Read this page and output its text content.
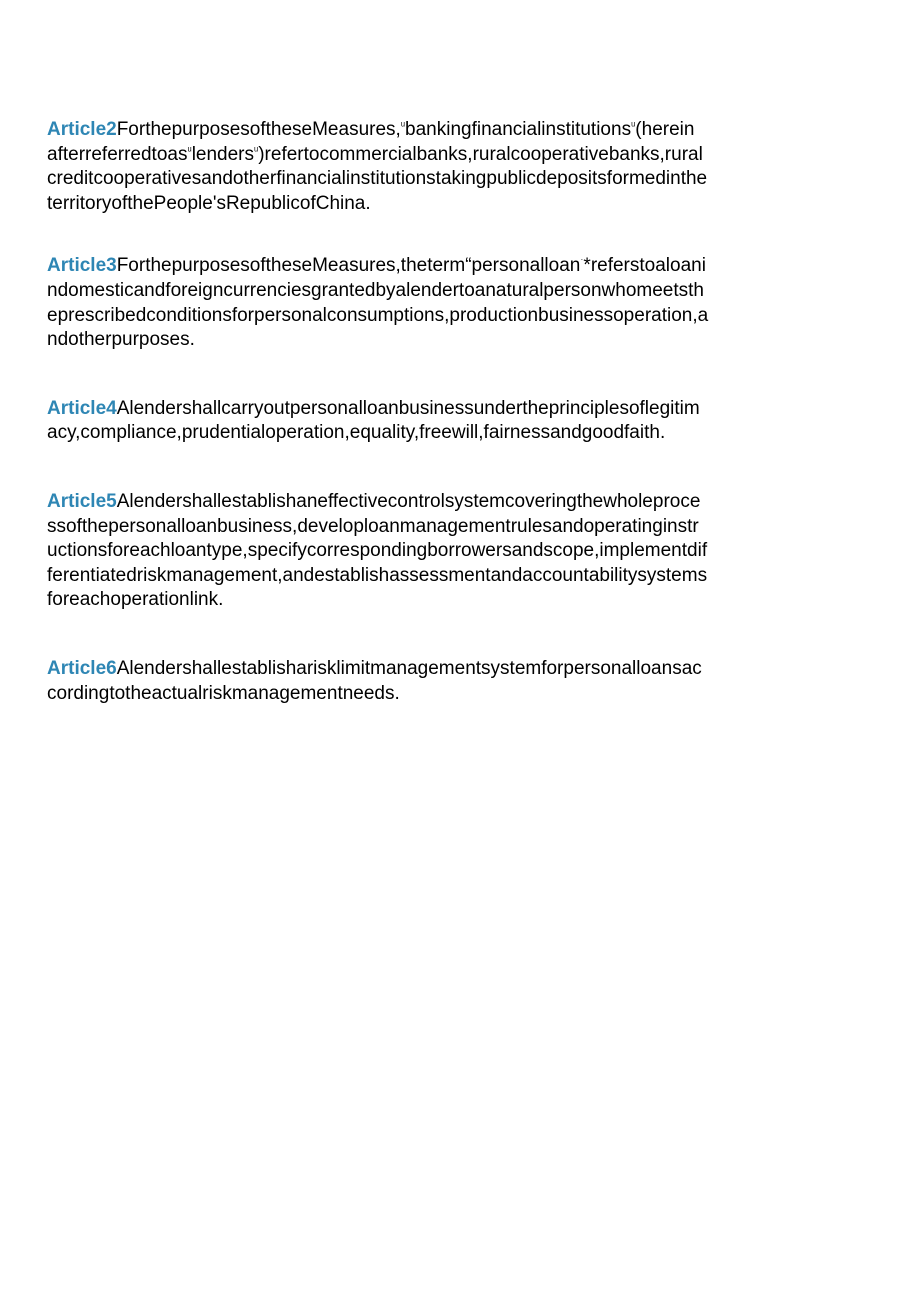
Article2ForthepurposesoftheseMeasures,$^ᵘ$bankingfinancialinstitutions$^ᵘ$(herein
afterreferredtoas$^ᵘ$lenders$^ᵘ$)refertocommercialbanks,ruralcooperativebanks,rural
creditcooperativesandotherfinancialinstitutionstakingpublicdepositsformedinthe
territoryofthePeople'sRepublicofChina.

Article3ForthepurposesoftheseMeasures,theterm“personalloan$^ˑ$*referstoaloani
ndomesticandforeigncurrenciesgrantedbyalendertoanaturalpersonwhomeetsth
eprescribedconditionsforpersonalconsumptions,productionbusinessoperation,a
ndotherpurposes.

Article4Alendershallcarryoutpersonalloanbusinessundertheprinciplesoflegitim
acy,compliance,prudentialoperation,equality,freewill,fairnessandgoodfaith.

Article5Alendershallestablishaneffectivecontrolsystemcoveringthewholeproce
ssofthepersonalloanbusiness,developloanmanagementrulesandoperatinginstr
uctionsforeachloantype,specifycorrespondingborrowersandscope,implementdif
ferentiatedriskmanagement,andestablishassessmentandaccountabilitysystems
foreachoperationlink.

Article6Alendershallestablisharisklimitmanagementsystemforpersonalloansac
cordingtotheactualriskmanagementneeds.
